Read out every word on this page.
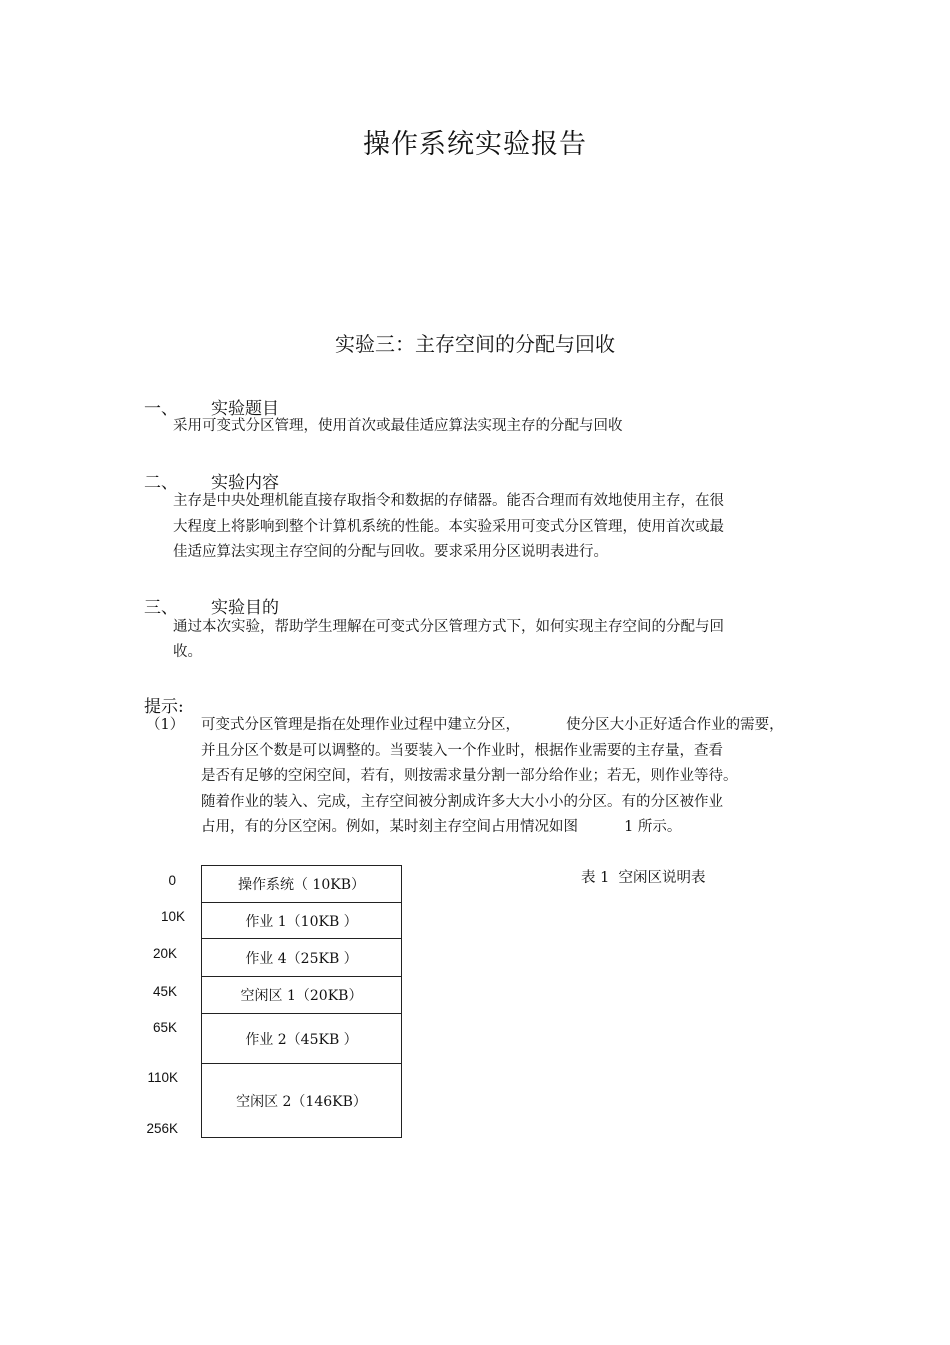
操作系统实验报告
实验三：主存空间的分配与回收
一、 实验题目
采用可变式分区管理，使用首次或最佳适应算法实现主存的分配与回收
二、 实验内容
主存是中央处理机能直接存取指令和数据的存储器。能否合理而有效地使用主存，在很
大程度上将影响到整个计算机系统的性能。本实验采用可变式分区管理，使用首次或最
佳适应算法实现主存空间的分配与回收。要求采用分区说明表进行。
三、 实验目的
通过本次实验，帮助学生理解在可变式分区管理方式下，如何实现主存空间的分配与回
收。
提示:
（1） 可变式分区管理是指在处理作业过程中建立分区，          使分区大小正好适合作业的需要，
并且分区个数是可以调整的。当要装入一个作业时，根据作业需要的主存量，查看
是否有足够的空闲空间，若有，则按需求量分割一部分给作业；若无，则作业等待。
随着作业的装入、完成，主存空间被分割成许多大大小小的分区。有的分区被作业
占用，有的分区空闲。例如，某时刻主存空间占用情况如图          1 所示。
0
10K
20K
45K
65K
110K
256K
操作系统（ 10KB）
作业 1（10KB ）
作业 4（25KB ）
空闲区 1（20KB）
作业 2（45KB ）
空闲区 2（146KB）
表 1  空闲区说明表
